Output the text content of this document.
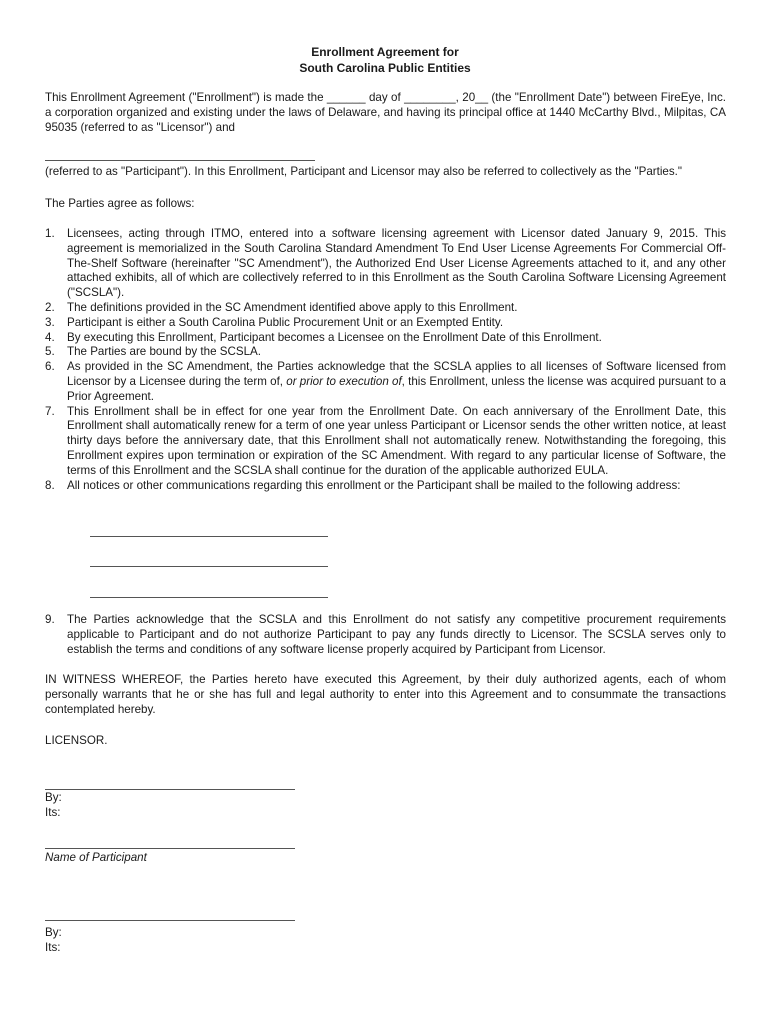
Enrollment Agreement for
South Carolina Public Entities
This Enrollment Agreement ("Enrollment") is made the ______ day of ________, 20__ (the "Enrollment Date") between FireEye, Inc. a corporation organized and existing under the laws of Delaware, and having its principal office at 1440 McCarthy Blvd., Milpitas, CA 95035 (referred to as "Licensor") and
(referred to as "Participant"). In this Enrollment, Participant and Licensor may also be referred to collectively as the "Parties."
The Parties agree as follows:
1. Licensees, acting through ITMO, entered into a software licensing agreement with Licensor dated January 9, 2015. This agreement is memorialized in the South Carolina Standard Amendment To End User License Agreements For Commercial Off-The-Shelf Software (hereinafter "SC Amendment"), the Authorized End User License Agreements attached to it, and any other attached exhibits, all of which are collectively referred to in this Enrollment as the South Carolina Software Licensing Agreement ("SCSLA").
2. The definitions provided in the SC Amendment identified above apply to this Enrollment.
3. Participant is either a South Carolina Public Procurement Unit or an Exempted Entity.
4. By executing this Enrollment, Participant becomes a Licensee on the Enrollment Date of this Enrollment.
5. The Parties are bound by the SCSLA.
6. As provided in the SC Amendment, the Parties acknowledge that the SCSLA applies to all licenses of Software licensed from Licensor by a Licensee during the term of, or prior to execution of, this Enrollment, unless the license was acquired pursuant to a Prior Agreement.
7. This Enrollment shall be in effect for one year from the Enrollment Date. On each anniversary of the Enrollment Date, this Enrollment shall automatically renew for a term of one year unless Participant or Licensor sends the other written notice, at least thirty days before the anniversary date, that this Enrollment shall not automatically renew. Notwithstanding the foregoing, this Enrollment expires upon termination or expiration of the SC Amendment. With regard to any particular license of Software, the terms of this Enrollment and the SCSLA shall continue for the duration of the applicable authorized EULA.
8. All notices or other communications regarding this enrollment or the Participant shall be mailed to the following address:
9. The Parties acknowledge that the SCSLA and this Enrollment do not satisfy any competitive procurement requirements applicable to Participant and do not authorize Participant to pay any funds directly to Licensor. The SCSLA serves only to establish the terms and conditions of any software license properly acquired by Participant from Licensor.
IN WITNESS WHEREOF, the Parties hereto have executed this Agreement, by their duly authorized agents, each of whom personally warrants that he or she has full and legal authority to enter into this Agreement and to consummate the transactions contemplated hereby.
LICENSOR.
By:
Its:
Name of Participant
By:
Its:
